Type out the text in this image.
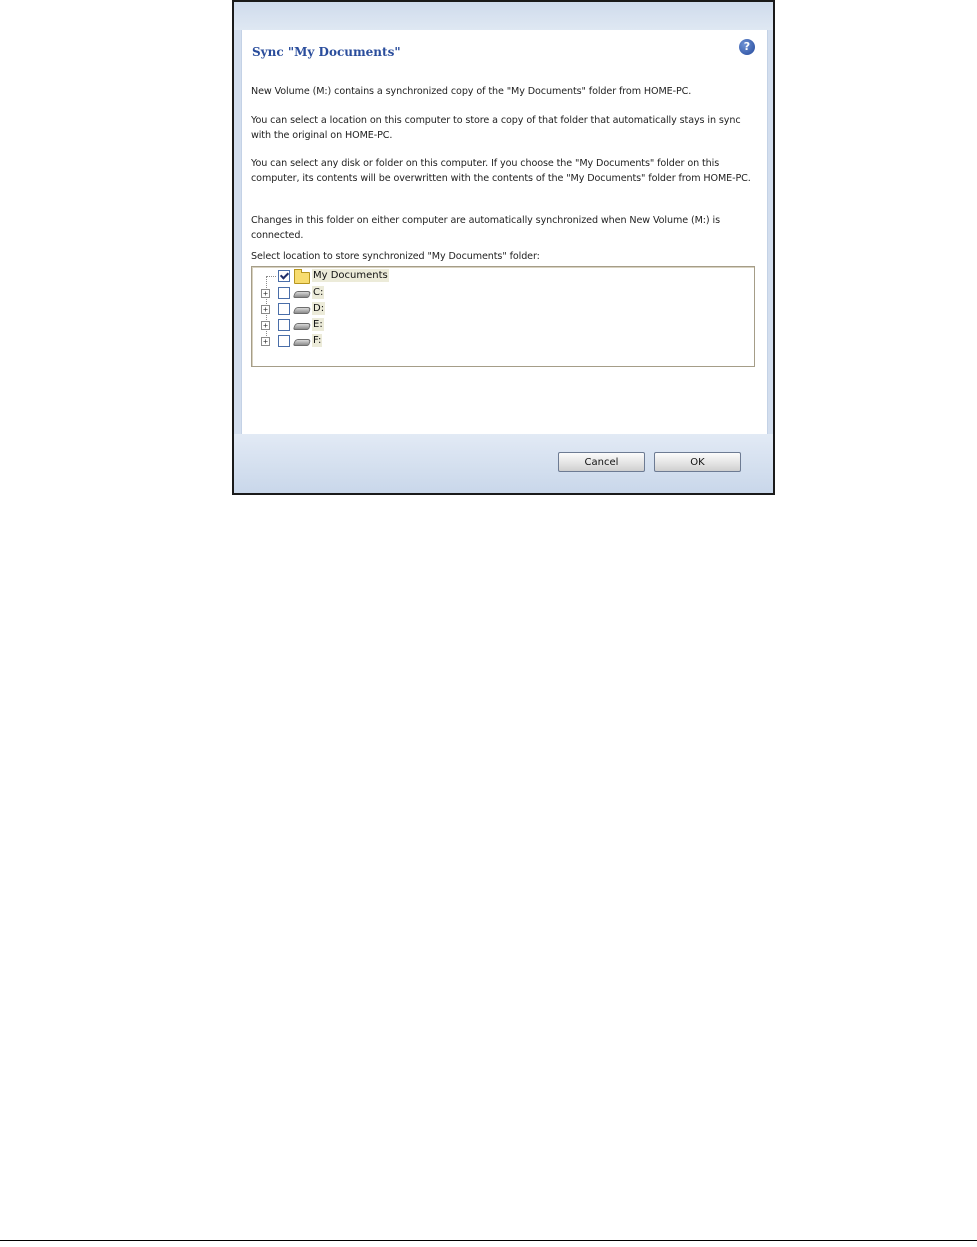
Sync "My Documents"	?
New Volume (M:) contains a synchronized copy of the "My Documents" folder from HOME-PC.
You can select a location on this computer to store a copy of that folder that automatically stays in sync with the original on HOME-PC.
You can select any disk or folder on this computer. If you choose the "My Documents" folder on this computer, its contents will be overwritten with the contents of the "My Documents" folder from HOME-PC.
Changes in this folder on either computer are automatically synchronized when New Volume (M:) is connected.
Select location to store synchronized "My Documents" folder:
My Documents
+	C:
+	D:
+	E:
+	F:
Cancel	OK
